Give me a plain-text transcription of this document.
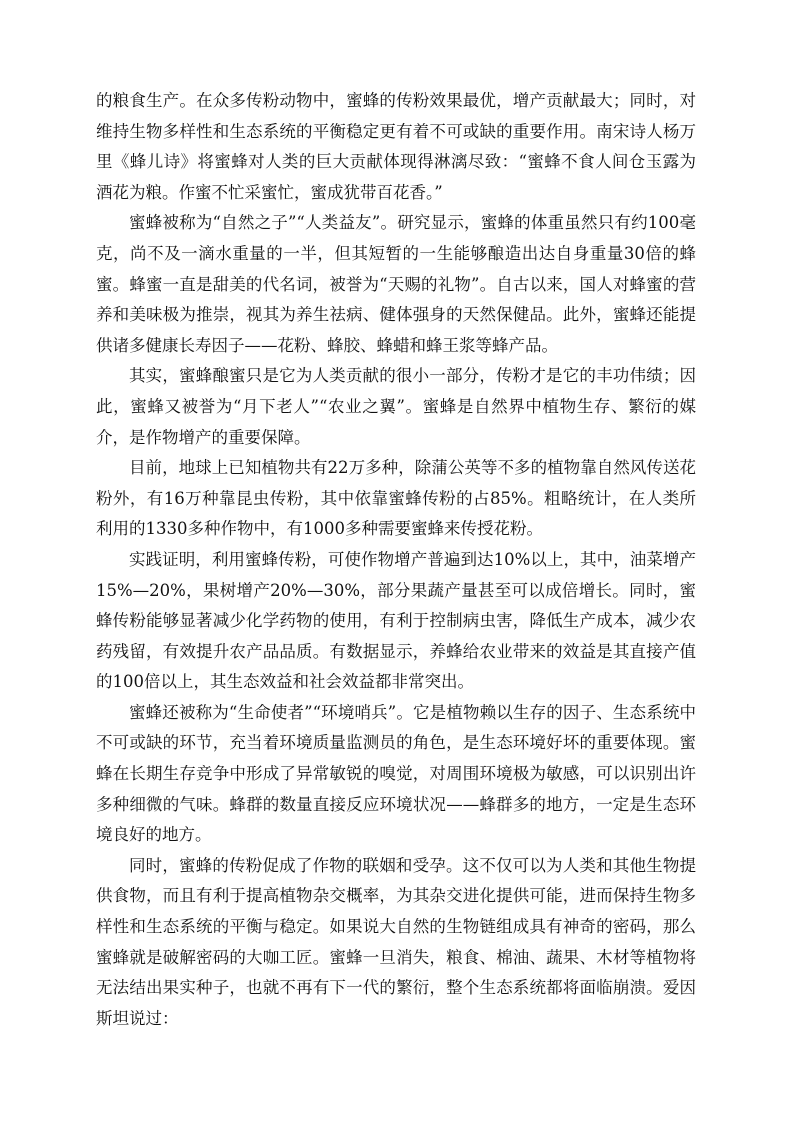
的粮食生产。在众多传粉动物中，蜜蜂的传粉效果最优，增产贡献最大；同时，对维持生物多样性和生态系统的平衡稳定更有着不可或缺的重要作用。南宋诗人杨万里《蜂儿诗》将蜜蜂对人类的巨大贡献体现得淋漓尽致：“蜜蜂不食人间仓玉露为酒花为粮。作蜜不忙采蜜忙，蜜成犹带百花香。”

蜜蜂被称为“自然之子”“人类益友”。研究显示，蜜蜂的体重虽然只有约100毫克，尚不及一滴水重量的一半，但其短暂的一生能够酿造出达自身重量30倍的蜂蜜。蜂蜜一直是甜美的代名词，被誉为“天赐的礼物”。自古以来，国人对蜂蜜的营养和美味极为推崇，视其为养生祛病、健体强身的天然保健品。此外，蜜蜂还能提供诸多健康长寿因子——花粉、蜂胶、蜂蜡和蜂王浆等蜂产品。

其实，蜜蜂酿蜜只是它为人类贡献的很小一部分，传粉才是它的丰功伟绩；因此，蜜蜂又被誉为“月下老人”“农业之翼”。蜜蜂是自然界中植物生存、繁衍的媒介，是作物增产的重要保障。

目前，地球上已知植物共有22万多种，除蒲公英等不多的植物靠自然风传送花粉外，有16万种靠昆虫传粉，其中依靠蜜蜂传粉的占85%。粗略统计，在人类所利用的1330多种作物中，有1000多种需要蜜蜂来传授花粉。

实践证明，利用蜜蜂传粉，可使作物增产普遍到达10%以上，其中，油菜增产15%—20%，果树增产20%—30%，部分果蔬产量甚至可以成倍增长。同时，蜜蜂传粉能够显著减少化学药物的使用，有利于控制病虫害，降低生产成本，减少农药残留，有效提升农产品品质。有数据显示，养蜂给农业带来的效益是其直接产值的100倍以上，其生态效益和社会效益都非常突出。

蜜蜂还被称为“生命使者”“环境哨兵”。它是植物赖以生存的因子、生态系统中不可或缺的环节，充当着环境质量监测员的角色，是生态环境好坏的重要体现。蜜蜂在长期生存竞争中形成了异常敏锐的嗅觉，对周围环境极为敏感，可以识别出许多种细微的气味。蜂群的数量直接反应环境状况——蜂群多的地方，一定是生态环境良好的地方。

同时，蜜蜂的传粉促成了作物的联姻和受孕。这不仅可以为人类和其他生物提供食物，而且有利于提高植物杂交概率，为其杂交进化提供可能，进而保持生物多样性和生态系统的平衡与稳定。如果说大自然的生物链组成具有神奇的密码，那么蜜蜂就是破解密码的大咖工匠。蜜蜂一旦消失，粮食、棉油、蔬果、木材等植物将无法结出果实种子，也就不再有下一代的繁衍，整个生态系统都将面临崩溃。爱因斯坦说过：
